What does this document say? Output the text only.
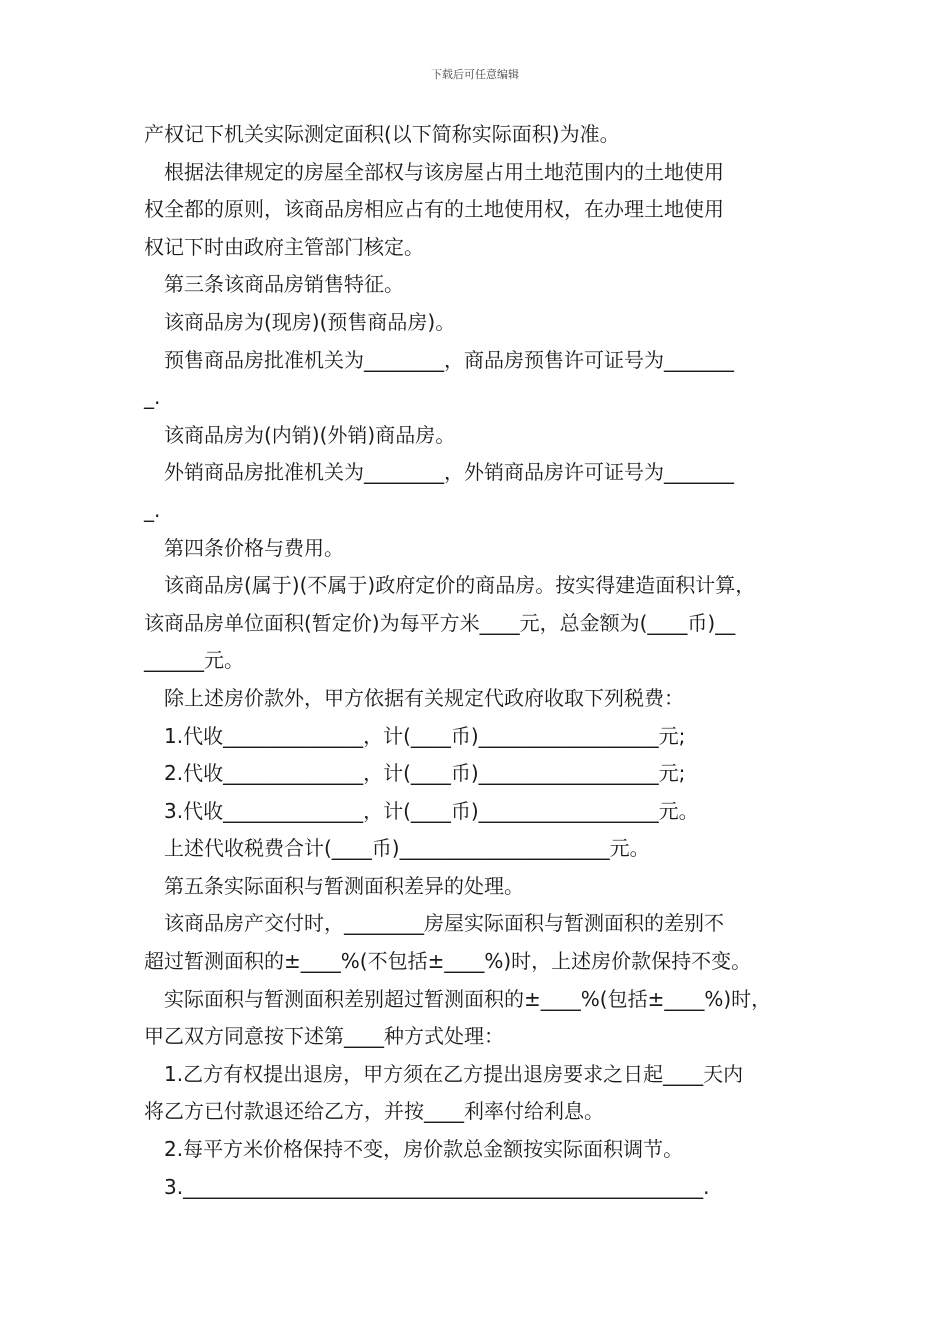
下载后可任意编辑
产权记下机关实际测定面积(以下简称实际面积)为准。
根据法律规定的房屋全部权与该房屋占用土地范围内的土地使用
权全都的原则，该商品房相应占有的土地使用权，在办理土地使用
权记下时由政府主管部门核定。
第三条该商品房销售特征。
该商品房为(现房)(预售商品房)。
预售商品房批准机关为________，商品房预售许可证号为_______
_.
该商品房为(内销)(外销)商品房。
外销商品房批准机关为________，外销商品房许可证号为_______
_.
第四条价格与费用。
该商品房(属于)(不属于)政府定价的商品房。按实得建造面积计算，
该商品房单位面积(暂定价)为每平方米____元，总金额为(____币)__
______元。
除上述房价款外，甲方依据有关规定代政府收取下列税费：
1.代收______________，计(____币)__________________元;
2.代收______________，计(____币)__________________元;
3.代收______________，计(____币)__________________元。
上述代收税费合计(____币)_____________________元。
第五条实际面积与暂测面积差异的处理。
该商品房产交付时，________房屋实际面积与暂测面积的差别不
超过暂测面积的±____%(不包括±____%)时，上述房价款保持不变。
实际面积与暂测面积差别超过暂测面积的±____%(包括±____%)时，
甲乙双方同意按下述第____种方式处理：
1.乙方有权提出退房，甲方须在乙方提出退房要求之日起____天内
将乙方已付款退还给乙方，并按____利率付给利息。
2.每平方米价格保持不变，房价款总金额按实际面积调节。
3.____________________________________________________.
